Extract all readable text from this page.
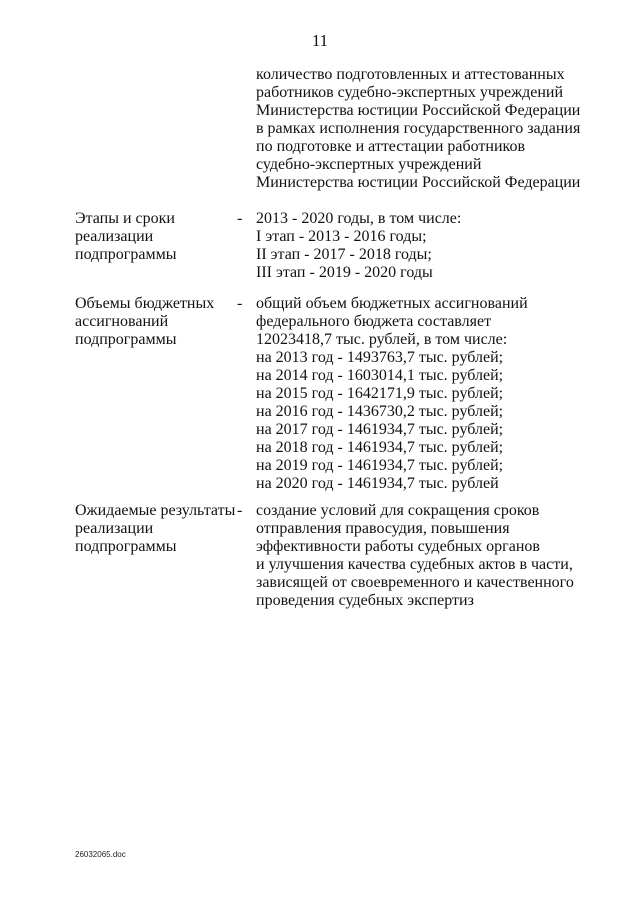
11
количество подготовленных и аттестованных
работников судебно-экспертных учреждений
Министерства юстиции Российской Федерации
в рамках исполнения государственного задания
по подготовке и аттестации работников
судебно-экспертных учреждений
Министерства юстиции Российской Федерации
Этапы и сроки
реализации
подпрограммы
- 2013 - 2020 годы, в том числе:
I этап - 2013 - 2016 годы;
II этап - 2017 - 2018 годы;
III этап - 2019 - 2020 годы
Объемы бюджетных
ассигнований
подпрограммы
- общий объем бюджетных ассигнований
федерального бюджета составляет
12023418,7 тыс. рублей, в том числе:
на 2013 год - 1493763,7 тыс. рублей;
на 2014 год - 1603014,1 тыс. рублей;
на 2015 год - 1642171,9 тыс. рублей;
на 2016 год - 1436730,2 тыс. рублей;
на 2017 год - 1461934,7 тыс. рублей;
на 2018 год - 1461934,7 тыс. рублей;
на 2019 год - 1461934,7 тыс. рублей;
на 2020 год - 1461934,7 тыс. рублей
Ожидаемые результаты
реализации
подпрограммы
- создание условий для сокращения сроков
отправления правосудия, повышения
эффективности работы судебных органов
и улучшения качества судебных актов в части,
зависящей от своевременного и качественного
проведения судебных экспертиз
26032065.doc
